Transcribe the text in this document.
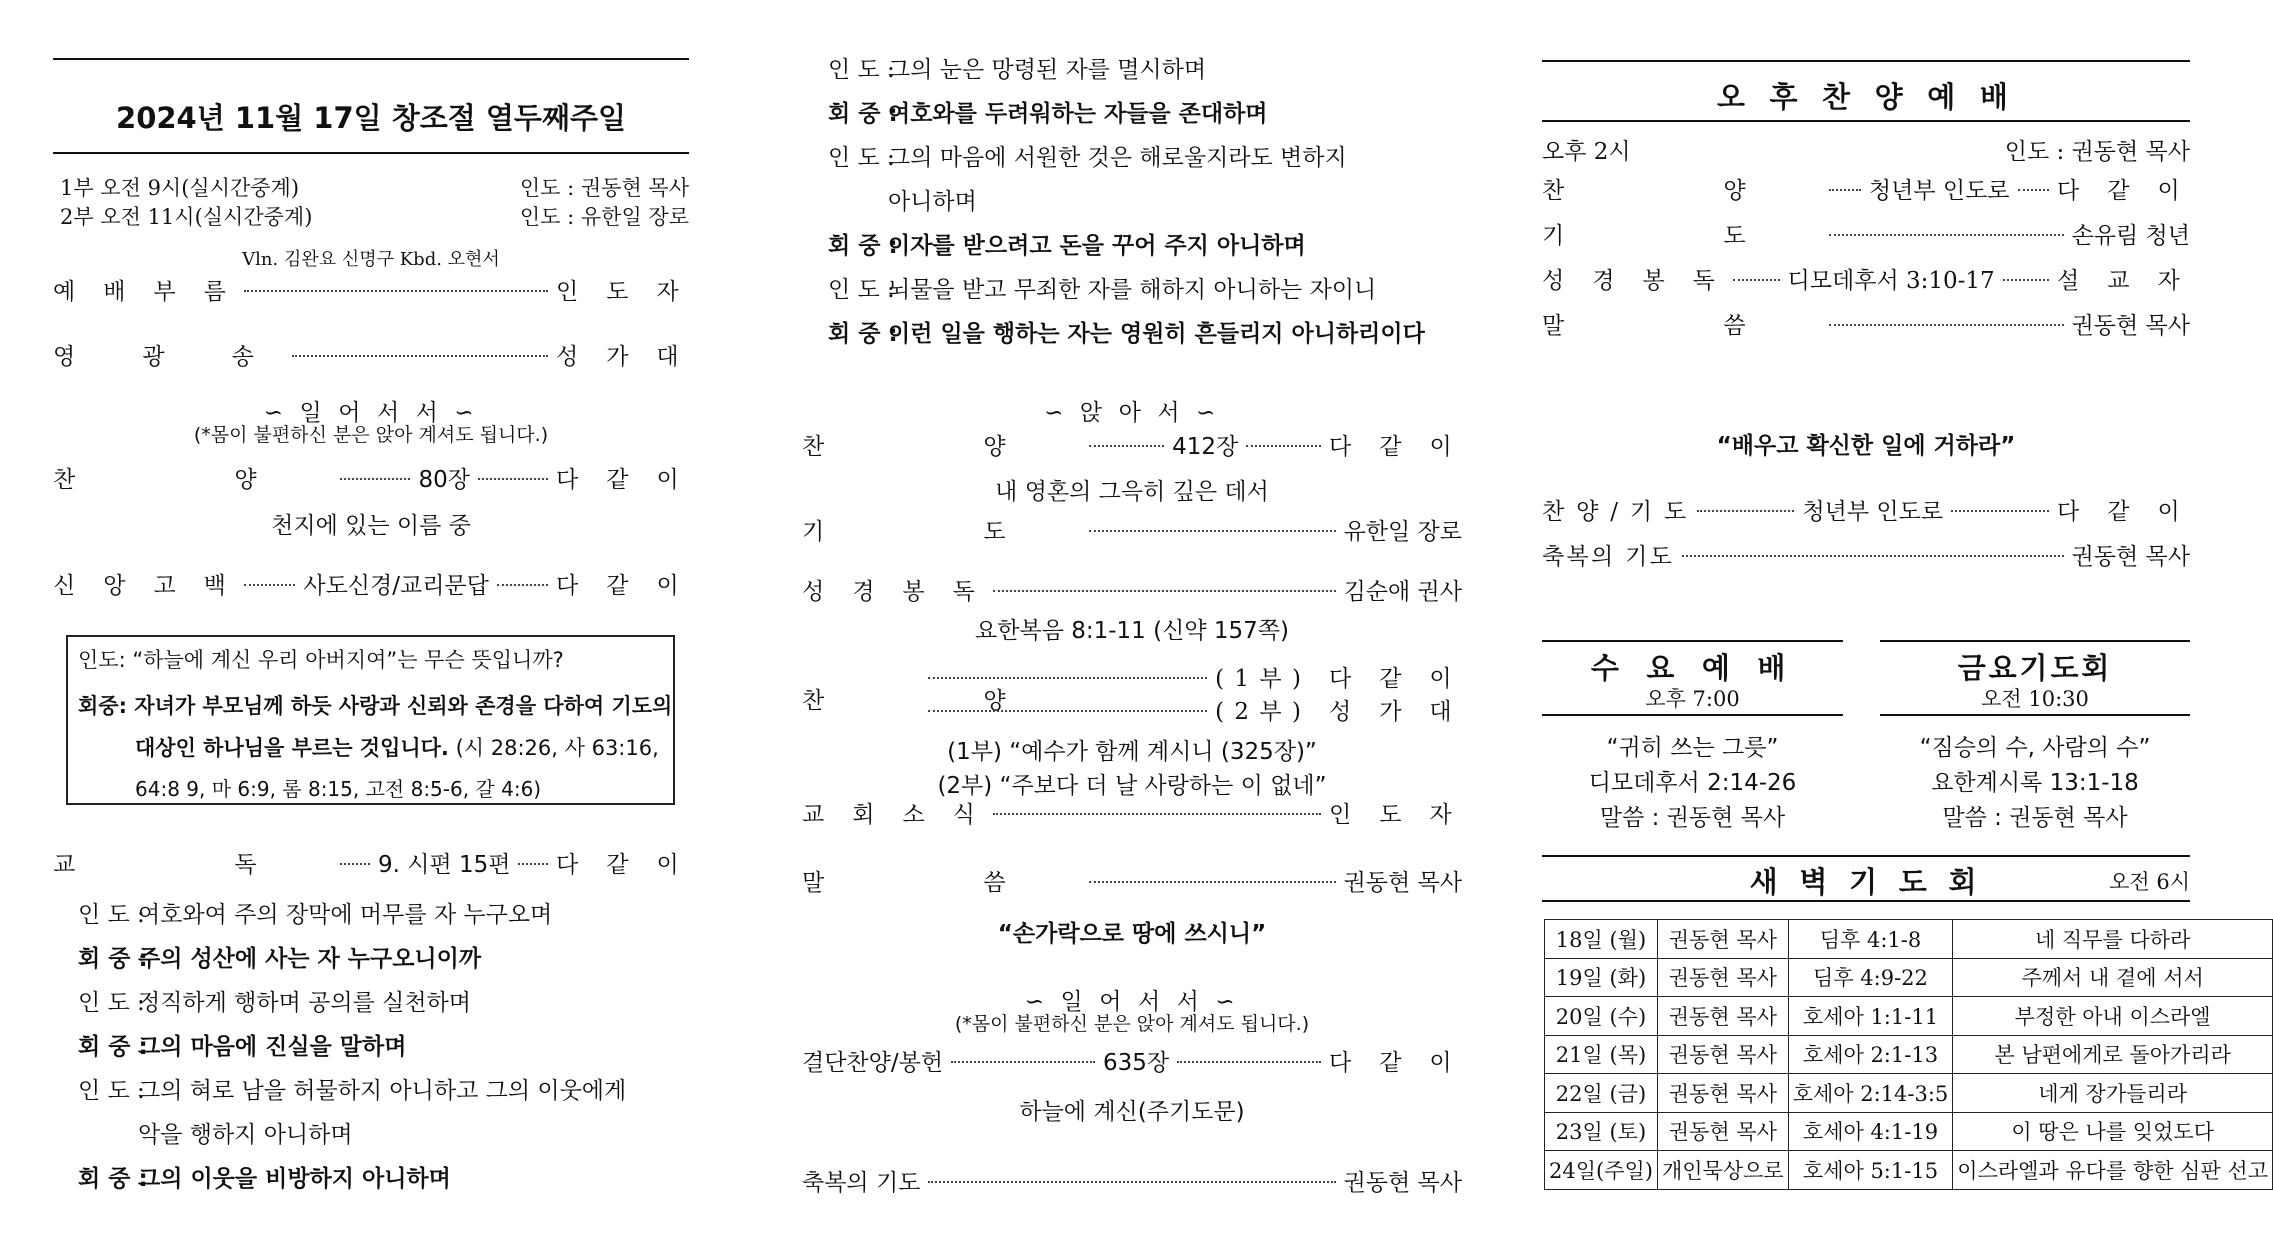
2024년 11월 17일 창조절 열두째주일
1부 오전 9시(실시간중계)	인도 : 권동현 목사
2부 오전 11시(실시간중계)	인도 : 유한일 장로
Vln. 김완요 신명구 Kbd. 오현서
예 배 부 름	인 도 자
영 광 송	성 가 대
∽ 일 어 서 서 ∽
(*몸이 불편하신 분은 앉아 계셔도 됩니다.)
찬 양	80장	다 같 이
천지에 있는 이름 중
신 앙 고 백	사도신경/교리문답	다 같 이
인도: “하늘에 계신 우리 아버지여”는 무슨 뜻입니까?
회중: 자녀가 부모님께 하듯 사랑과 신뢰와 존경을 다하여 기도의
대상인 하나님을 부르는 것입니다. (시 28:26, 사 63:16,
64:8 9, 마 6:9, 롬 8:15, 고전 8:5-6, 갈 4:6)
교 독 9. 시편 15편 다 같 이
인 도 :
여호와여 주의 장막에 머무를 자 누구오며
회 중 :
주의 성산에 사는 자 누구오니이까
인 도 :
정직하게 행하며 공의를 실천하며
회 중 :
그의 마음에 진실을 말하며
인 도 :
그의 혀로 남을 허물하지 아니하고 그의 이웃에게
악을 행하지 아니하며
회 중 :
그의 이웃을 비방하지 아니하며
인 도 :
그의 눈은 망령된 자를 멸시하며
회 중 :
여호와를 두려워하는 자들을 존대하며
인 도 :
그의 마음에 서원한 것은 해로울지라도 변하지
아니하며
회 중 :
이자를 받으려고 돈을 꾸어 주지 아니하며
인 도 :
뇌물을 받고 무죄한 자를 해하지 아니하는 자이니
회 중 :
이런 일을 행하는 자는 영원히 흔들리지 아니하리이다
∽ 앉 아 서 ∽
찬 양	412장	다 같 이
내 영혼의 그윽히 깊은 데서
기 도	유한일 장로
성 경 봉 독	김순애 권사
요한복음 8:1-11 (신약 157쪽)
찬 양
(1부) 다 같 이
(2부) 성 가 대
(1부) “예수가 함께 계시니 (325장)”
(2부) “주보다 더 날 사랑하는 이 없네”
교 회 소 식	인 도 자
말 씀	권동현 목사
“손가락으로 땅에 쓰시니”
∽ 일 어 서 서 ∽
(*몸이 불편하신 분은 앉아 계셔도 됩니다.)
결단찬양/봉헌	635장	다 같 이
하늘에 계신(주기도문)
축복의 기도	권동현 목사
오 후 찬 양 예 배
오후 2시	인도 : 권동현 목사
찬 양 청년부 인도로 다 같 이
기 도	손유림 청년
성 경 봉 독	디모데후서 3:10-17	설 교 자
말 씀	권동현 목사
“배우고 확신한 일에 거하라”
찬 양 / 기 도	청년부 인도로	다 같 이
축복의 기도	권동현 목사
수 요 예 배
오후 7:00
“귀히 쓰는 그릇”
디모데후서 2:14-26
말씀 : 권동현 목사
금요기도회
오전 10:30
“짐승의 수, 사람의 수”
요한계시록 13:1-18
말씀 : 권동현 목사
새 벽 기 도 회	오전 6시
18일 (월)	권동현 목사	딤후 4:1-8	네 직무를 다하라
19일 (화)	권동현 목사	딤후 4:9-22	주께서 내 곁에 서서
20일 (수)	권동현 목사	호세아 1:1-11	부정한 아내 이스라엘
21일 (목)	권동현 목사	호세아 2:1-13	본 남편에게로 돌아가리라
22일 (금)	권동현 목사	호세아 2:14-3:5	네게 장가들리라
23일 (토)	권동현 목사	호세아 4:1-19	이 땅은 나를 잊었도다
24일(주일)	개인묵상으로	호세아 5:1-15	이스라엘과 유다를 향한 심판 선고
